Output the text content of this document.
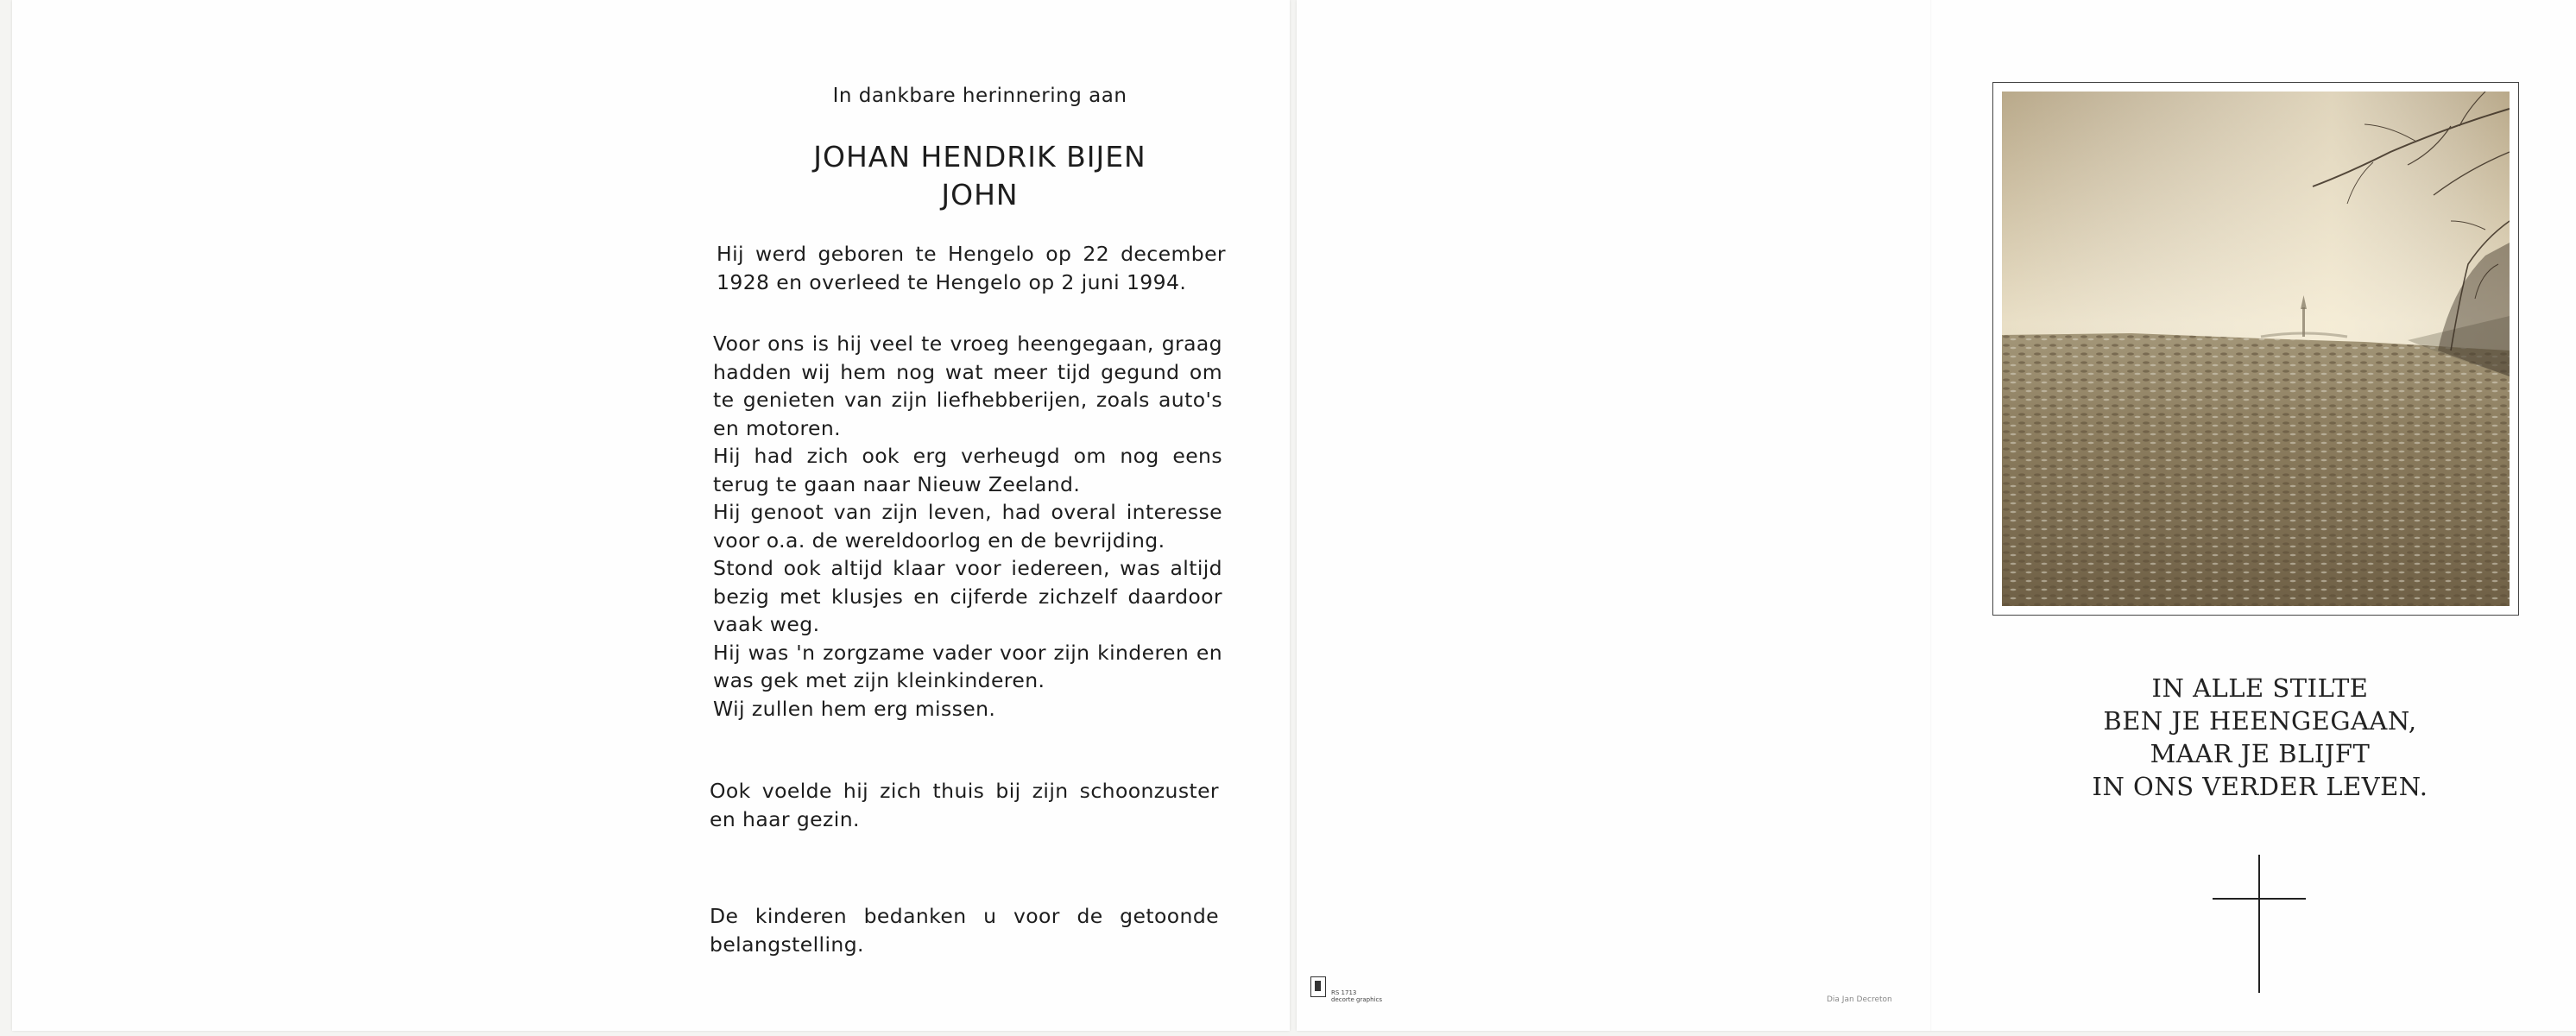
In dankbare herinnering aan
JOHAN HENDRIK BIJEN
JOHN

Hij werd geboren te Hengelo op 22 december 1928 en overleed te Hengelo op 2 juni 1994.

Voor ons is hij veel te vroeg heengegaan, graag hadden wij hem nog wat meer tijd gegund om te genieten van zijn liefhebberijen, zoals auto's en motoren.

Hij had zich ook erg verheugd om nog eens terug te gaan naar Nieuw Zeeland.

Hij genoot van zijn leven, had overal interesse voor o.a. de wereldoorlog en de bevrijding.

Stond ook altijd klaar voor iedereen, was altijd bezig met klusjes en cijferde zichzelf daardoor vaak weg.

Hij was 'n zorgzame vader voor zijn kinderen en was gek met zijn kleinkinderen.

Wij zullen hem erg missen.

Ook voelde hij zich thuis bij zijn schoonzuster en haar gezin.

De kinderen bedanken u voor de getoonde belangstelling.

IN ALLE STILTE
BEN JE HEENGEGAAN,
MAAR JE BLIJFT
IN ONS VERDER LEVEN.
RS 1713
decorte graphics	Dia Jan Decreton
